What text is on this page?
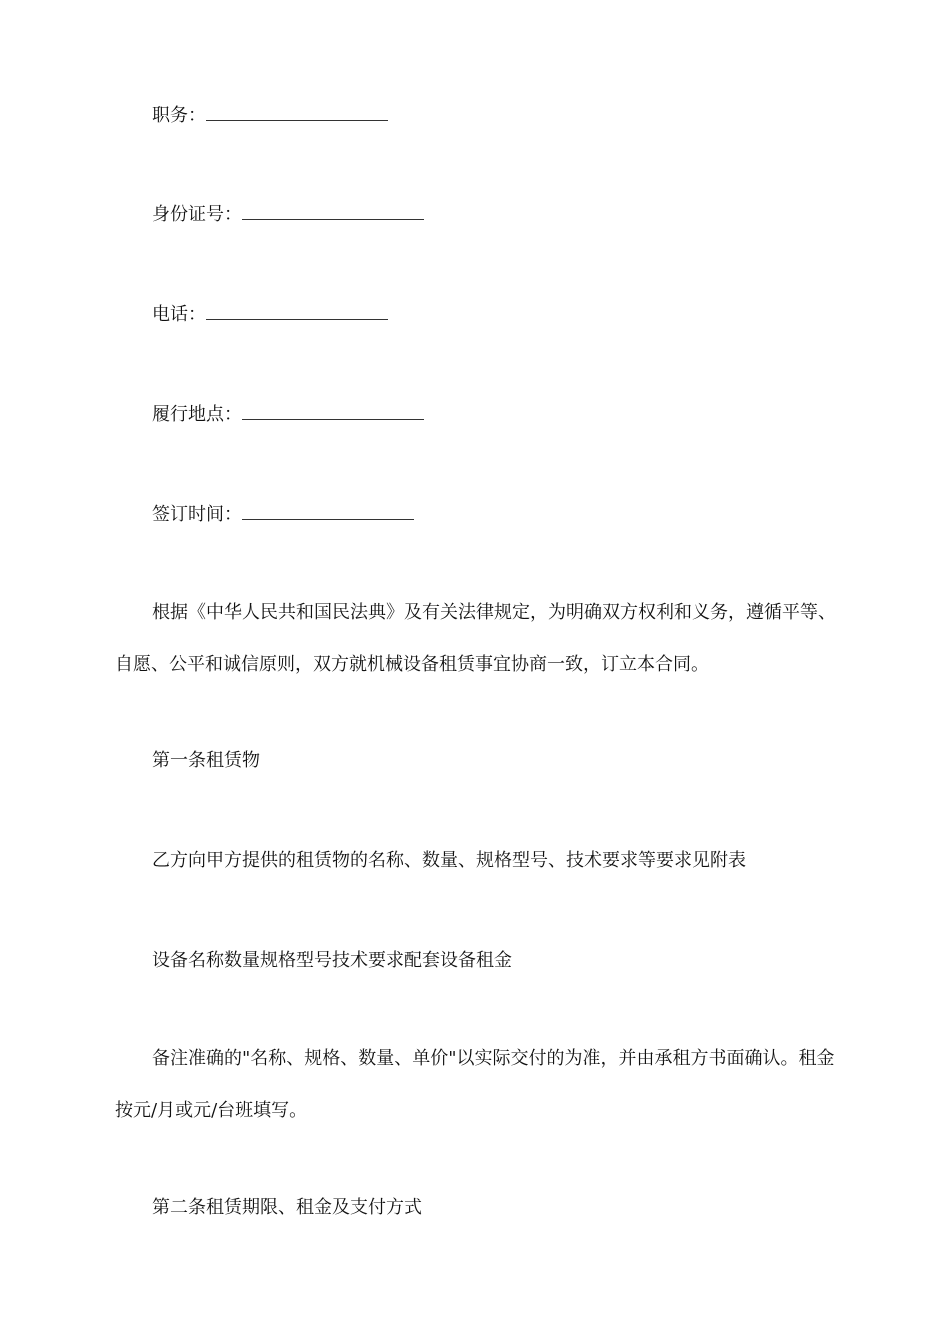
职务：
身份证号：
电话：
履行地点：
签订时间：
根据《中华人民共和国民法典》及有关法律规定，为明确双方权利和义务，遵循平等、自愿、公平和诚信原则，双方就机械设备租赁事宜协商一致，订立本合同。
第一条租赁物
乙方向甲方提供的租赁物的名称、数量、规格型号、技术要求等要求见附表
设备名称数量规格型号技术要求配套设备租金
备注准确的"名称、规格、数量、单价"以实际交付的为准，并由承租方书面确认。租金按元/月或元/台班填写。
第二条租赁期限、租金及支付方式
